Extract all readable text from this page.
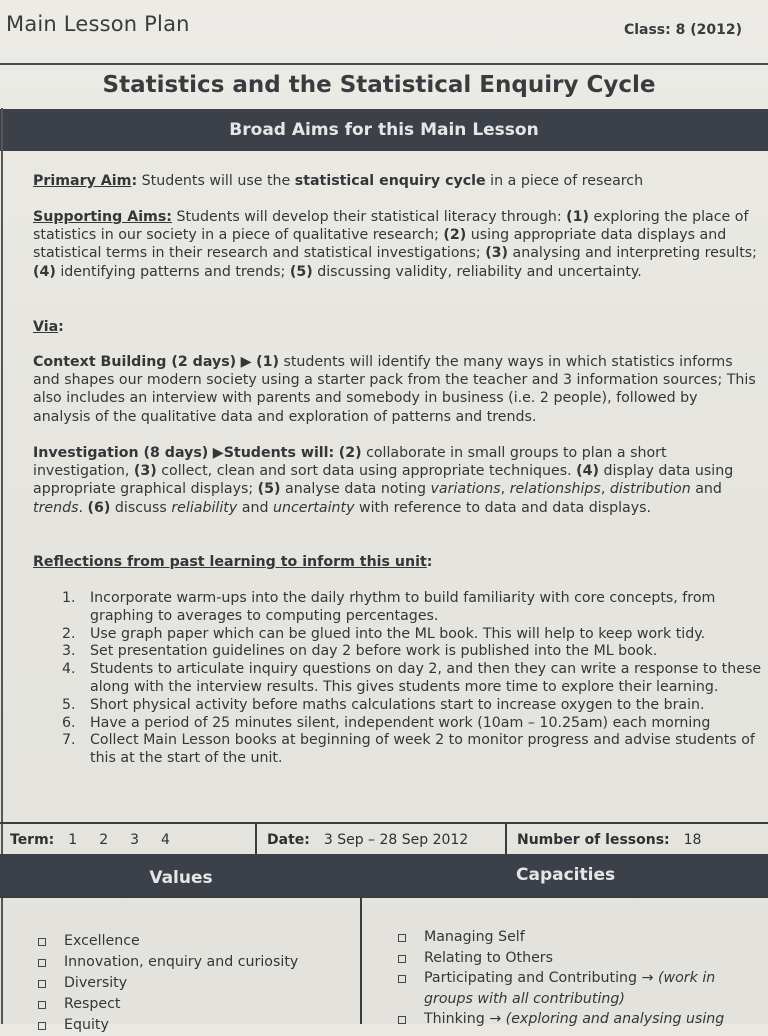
Main Lesson Plan	Class: 8 (2012)
Statistics and the Statistical Enquiry Cycle
Broad Aims for this Main Lesson
Primary Aim: Students will use the statistical enquiry cycle in a piece of research
Supporting Aims: Students will develop their statistical literacy through: (1) exploring the place of statistics in our society in a piece of qualitative research; (2) using appropriate data displays and statistical terms in their research and statistical investigations; (3) analysing and interpreting results; (4) identifying patterns and trends; (5) discussing validity, reliability and uncertainty.
Via:
Context Building (2 days) ▶ (1) students will identify the many ways in which statistics informs and shapes our modern society using a starter pack from the teacher and 3 information sources; This also includes an interview with parents and somebody in business (i.e. 2 people), followed by analysis of the qualitative data and exploration of patterns and trends.
Investigation (8 days) ▶Students will: (2) collaborate in small groups to plan a short investigation, (3) collect, clean and sort data using appropriate techniques. (4) display data using appropriate graphical displays; (5) analyse data noting variations, relationships, distribution and trends. (6) discuss reliability and uncertainty with reference to data and data displays.
Reflections from past learning to inform this unit:
1. Incorporate warm-ups into the daily rhythm to build familiarity with core concepts, from graphing to averages to computing percentages.
2. Use graph paper which can be glued into the ML book. This will help to keep work tidy.
3. Set presentation guidelines on day 2 before work is published into the ML book.
4. Students to articulate inquiry questions on day 2, and then they can write a response to these along with the interview results. This gives students more time to explore their learning.
5. Short physical activity before maths calculations start to increase oxygen to the brain.
6. Have a period of 25 minutes silent, independent work (10am – 10.25am) each morning
7. Collect Main Lesson books at beginning of week 2 to monitor progress and advise students of this at the start of the unit.
Term: 1 2 3 4	Date: 3 Sep – 28 Sep 2012	Number of lessons: 18
Values	Capacities
Excellence
Innovation, enquiry and curiosity
Diversity
Respect
Equity
Managing Self
Relating to Others
Participating and Contributing → (work in groups with all contributing)
Thinking → (exploring and analysing using
